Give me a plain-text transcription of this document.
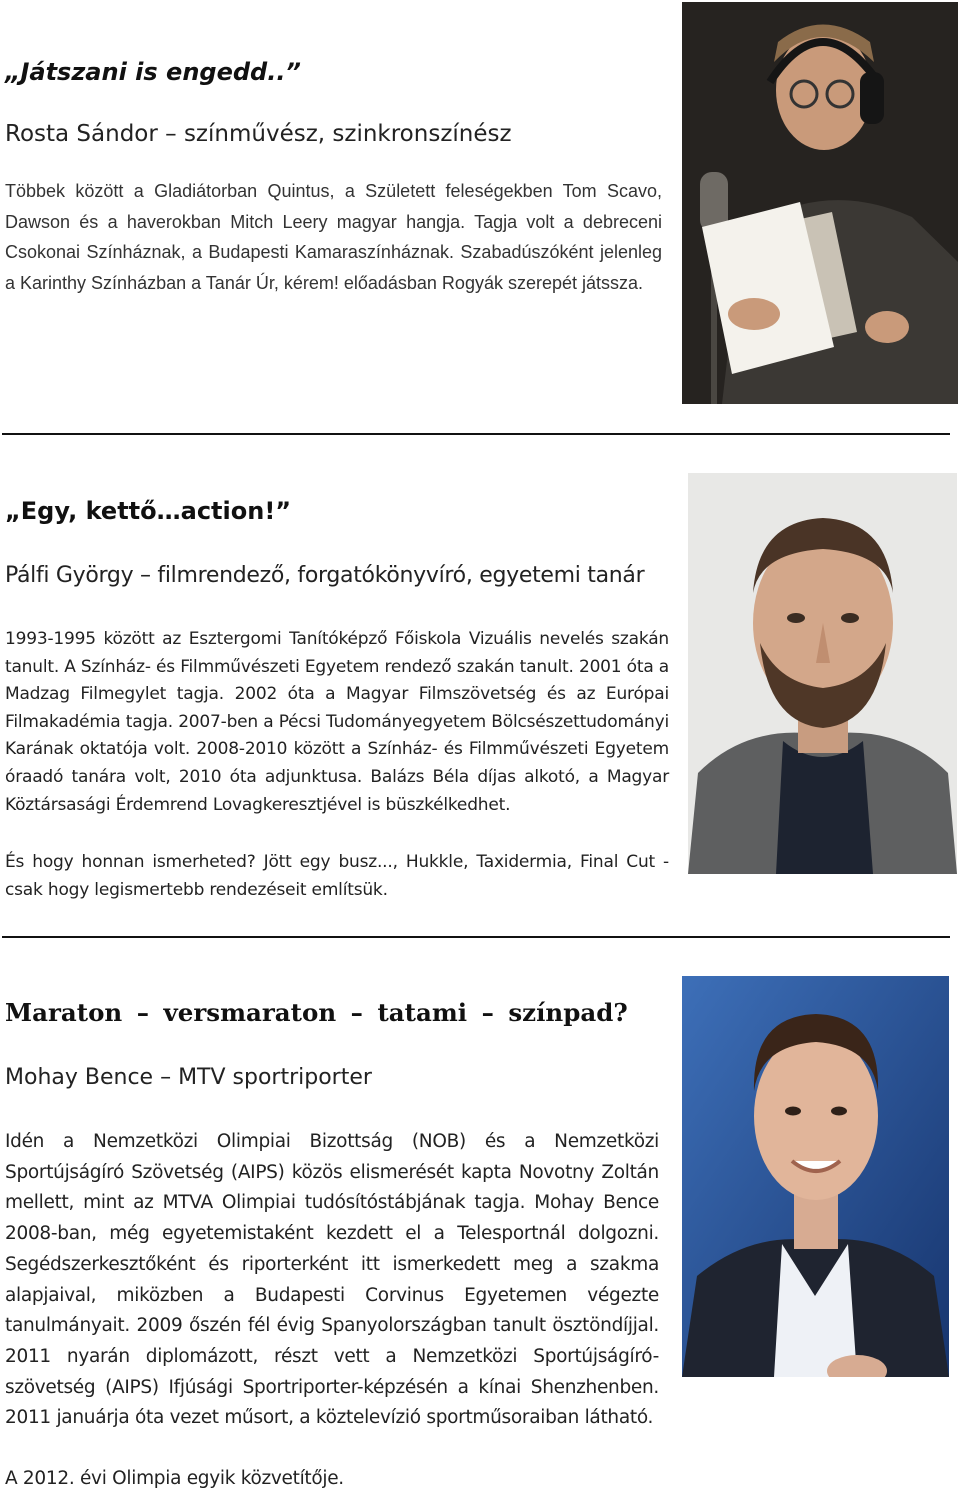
„Játszani is engedd..”
Rosta Sándor – színművész, szinkronszínész

Többek között a Gladiátorban Quintus, a Született feleségekben Tom Scavo, Dawson és a haverokban Mitch Leery magyar hangja. Tagja volt a debreceni Csokonai Színháznak, a Budapesti Kamaraszínháznak. Szabadúszóként jelenleg a Karinthy Színházban a Tanár Úr, kérem! előadásban Rogyák szerepét játssza.

„Egy, kettő…action!”
Pálfi György – filmrendező, forgatókönyvíró, egyetemi tanár

1993-1995 között az Esztergomi Tanítóképző Főiskola Vizuális nevelés szakán tanult. A Színház- és Filmművészeti Egyetem rendező szakán tanult. 2001 óta a Madzag Filmegylet tagja. 2002 óta a Magyar Filmszövetség és az Európai Filmakadémia tagja. 2007-ben a Pécsi Tudományegyetem Bölcsészettudományi Karának oktatója volt. 2008-2010 között a Színház- és Filmművészeti Egyetem óraadó tanára volt, 2010 óta adjunktusa. Balázs Béla díjas alkotó, a Magyar Köztársasági Érdemrend Lovagkeresztjével is büszkélkedhet.

És hogy honnan ismerheted? Jött egy busz..., Hukkle, Taxidermia, Final Cut - csak hogy legismertebb rendezéseit említsük.

Maraton – versmaraton – tatami – színpad?
Mohay Bence – MTV sportriporter

Idén a Nemzetközi Olimpiai Bizottság (NOB) és a Nemzetközi Sportújságíró Szövetség (AIPS) közös elismerését kapta Novotny Zoltán mellett, mint az MTVA Olimpiai tudósítóstábjának tagja. Mohay Bence 2008-ban, még egyetemistaként kezdett el a Telesportnál dolgozni. Segédszerkesztőként és riporterként itt ismerkedett meg a szakma alapjaival, miközben a Budapesti Corvinus Egyetemen végezte tanulmányait. 2009 őszén fél évig Spanyolországban tanult ösztöndíjjal. 2011 nyarán diplomázott, részt vett a Nemzetközi Sportújságíró-szövetség (AIPS) Ifjúsági Sportriporter-képzésén a kínai Shenzhenben. 2011 januárja óta vezet műsort, a köztelevízió sportműsoraiban látható.

A 2012. évi Olimpia egyik közvetítője.
